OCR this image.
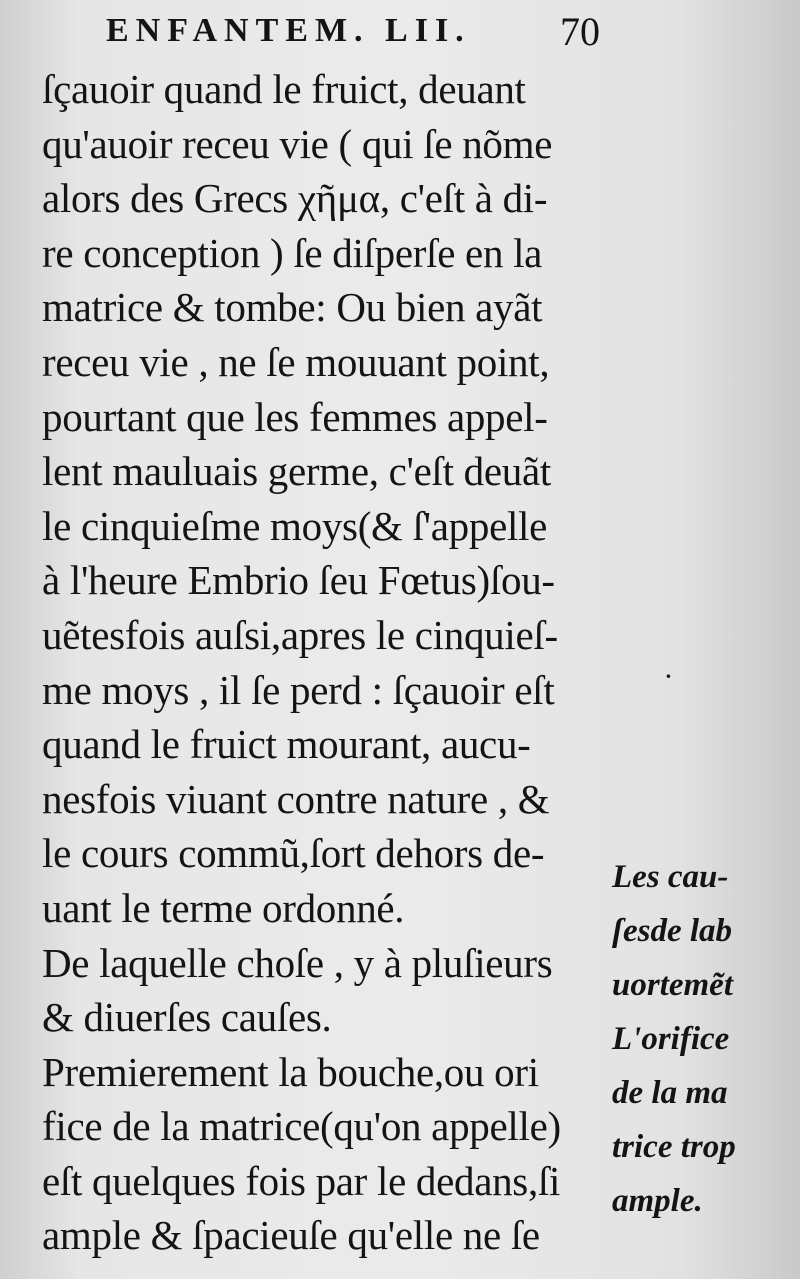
ENFANTEM. LII. 70
ſçauoir quand le fruict, deuant
qu'auoir receu vie ( qui ſe nõme
alors des Grecs χῆμα, c'eſt à di-
re conception ) ſe diſperſe en la
matrice & tombe: Ou bien ayãt
receu vie , ne ſe mouuant point,
pourtant que les femmes appel-
lent mauluais germe, c'eſt deuãt
le cinquieſme moys(& ſ'appelle
à l'heure Embrio ſeu Fœtus)ſou-
uẽtesfois auſsi,apres le cinquieſ-
me moys , il ſe perd : ſçauoir eſt
quand le fruict mourant, aucu-
nesfois viuant contre nature , &
le cours commũ,ſort dehors de-
uant le terme ordonné.
De laquelle choſe , y à pluſieurs
& diuerſes cauſes.
Premierement la bouche,ou ori
fice de la matrice(qu'on appelle)
eſt quelques fois par le dedans,ſi
ample & ſpacieuſe qu'elle ne ſe
Les cau-
ſesde lab
uortemẽt
L'orifice
de la ma
trice trop
ample.
·
